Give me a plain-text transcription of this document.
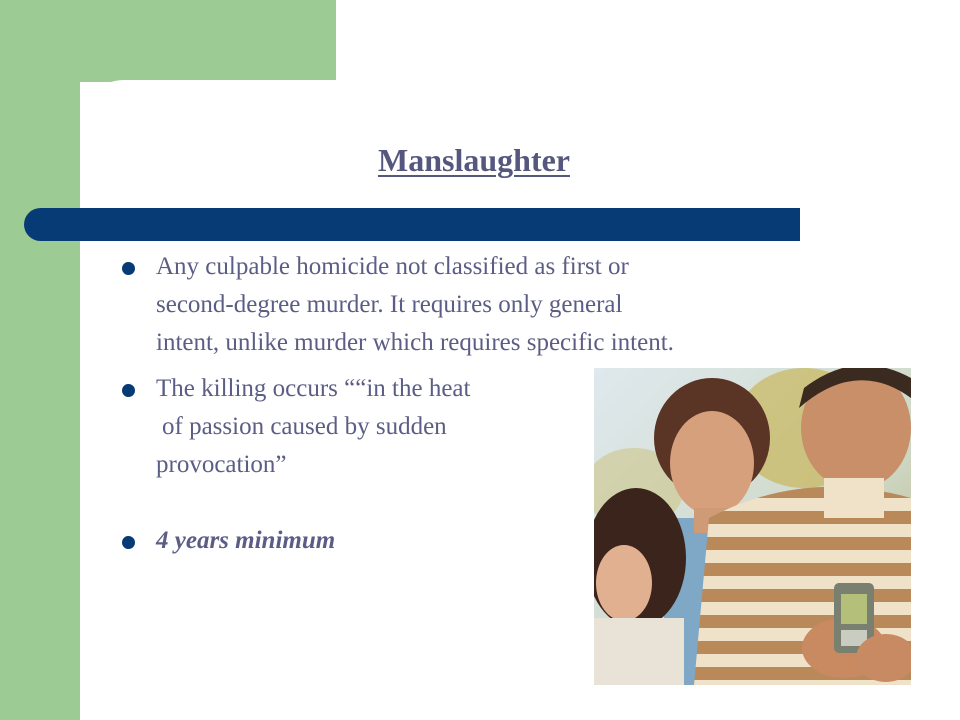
Manslaughter

Any culpable homicide not classified as first or second-degree murder. It requires only general intent, unlike murder which requires specific intent.

The killing occurs ““in the heat

of passion caused by sudden
provocation”

4 years minimum
